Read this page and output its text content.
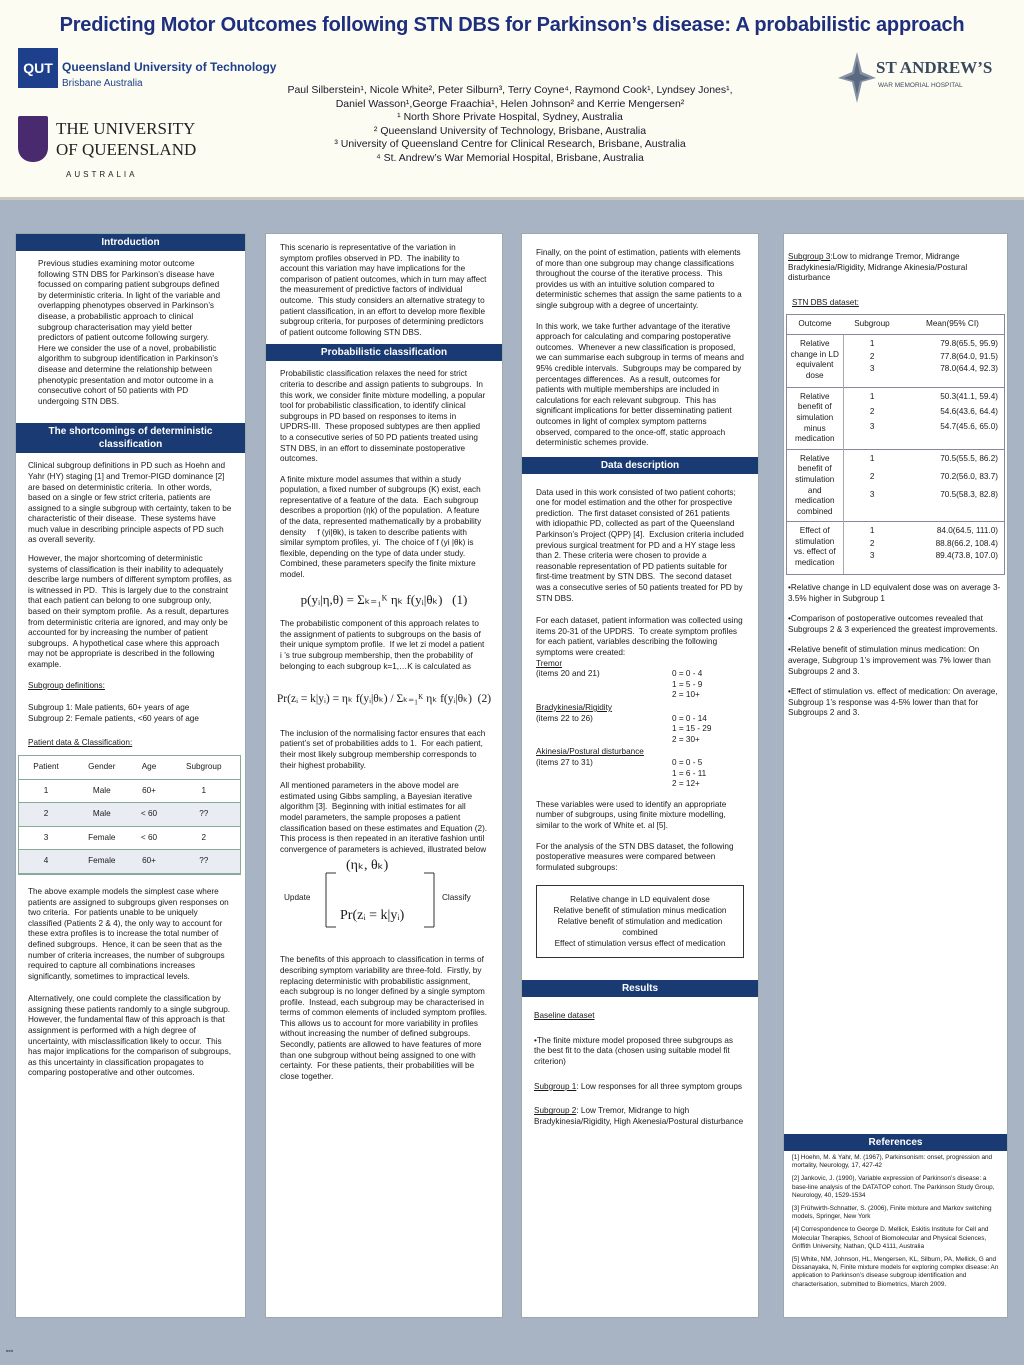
Predicting Motor Outcomes following STN DBS for Parkinson’s disease: A probabilistic approach
QUT Queensland University of Technology
Brisbane Australia
THE UNIVERSITY
OF QUEENSLAND
AUSTRALIA
Paul Silberstein¹, Nicole White², Peter Silburn³, Terry Coyne⁴, Raymond Cook¹, Lyndsey Jones¹,
Daniel Wasson¹,George Fraachia¹, Helen Johnson² and Kerrie Mengersen²
¹ North Shore Private Hospital, Sydney, Australia
² Queensland University of Technology, Brisbane, Australia
³ University of Queensland Centre for Clinical Research, Brisbane, Australia
⁴ St. Andrew’s War Memorial Hospital, Brisbane, Australia
ST ANDREW’S
WAR MEMORIAL HOSPITAL
Introduction
Previous studies examining motor outcome following STN DBS for Parkinson’s disease have focussed on comparing patient subgroups defined by deterministic criteria. In light of the variable and overlapping phenotypes observed in Parkinson’s disease, a probabilistic approach to clinical subgroup characterisation may yield better predictors of patient outcome following surgery. Here we consider the use of a novel, probabilistic algorithm to subgroup identification in Parkinson’s disease and determine the relationship between phenotypic presentation and motor outcome in a consecutive cohort of 50 patients with PD undergoing STN DBS.
The shortcomings of deterministic classification
Clinical subgroup definitions in PD such as Hoehn and Yahr (HY) staging [1] and Tremor-PIGD dominance [2] are based on deterministic criteria.  In other words, based on a single or few strict criteria, patients are assigned to a single subgroup with certainty, taken to be characteristic of their disease.  These systems have much value in describing principle aspects of PD such as overall severity.
However, the major shortcoming of deterministic systems of classification is their inability to adequately describe large numbers of different symptom profiles, as is witnessed in PD.  This is largely due to the constraint that each patient can belong to one subgroup only, based on their symptom profile.  As a result, departures from deterministic criteria are ignored, and may only be accounted for by increasing the number of patient subgroups.  A hypothetical case where this approach may not be appropriate is described in the following example.
Subgroup definitions:
Subgroup 1: Male patients, 60+ years of age
Subgroup 2: Female patients, <60 years of age
Patient data & Classification:
Patient	Gender	Age	Subgroup
1	Male	60+	1
2	Male	< 60	??
3	Female	< 60	2
4	Female	60+	??
The above example models the simplest case where patients are assigned to subgroups given responses on two criteria.  For patients unable to be uniquely classified (Patients 2 & 4), the only way to account for these extra profiles is to increase the total number of defined subgroups.  Hence, it can be seen that as the number of criteria increases, the number of subgroups required to capture all combinations increases significantly, sometimes to impractical levels.
Alternatively, one could complete the classification by assigning these patients randomly to a single subgroup.  However, the fundamental flaw of this approach is that assignment is performed with a high degree of uncertainty, with misclassification likely to occur.  This has major implications for the comparison of subgroups, as this uncertainty in classification propagates to comparing postoperative and other outcomes.
This scenario is representative of the variation in symptom profiles observed in PD.  The inability to account this variation may have implications for the comparison of patient outcomes, which in turn may affect the measurement of predictive factors of individual outcome.  This study considers an alternative strategy to patient classification, in an effort to develop more flexible subgroup criteria, for purposes of determining predictors of patient outcome following STN DBS.
Probabilistic classification
Probabilistic classification relaxes the need for strict criteria to describe and assign patients to subgroups.  In this work, we consider finite mixture modelling, a popular tool for probabilistic classification, to identify clinical subgroups in PD based on responses to items in UPDRS-III.  These proposed subtypes are then applied to a consecutive series of 50 PD patients treated using STN DBS, in an effort to disseminate postoperative outcomes.
A finite mixture model assumes that within a study population, a fixed number of subgroups (K) exist, each representative of a feature of the data.  Each subgroup describes a proportion (ηk) of the population.  A feature of the data, represented mathematically by a probability density     f (yi|θk), is taken to describe patients with similar symptom profiles, yi.  The choice of f (yi |θk) is flexible, depending on the type of data under study.  Combined, these parameters specify the finite mixture model.
p(yᵢ|η,θ) = Σₖ₌₁ᴷ ηₖ f(yᵢ|θₖ) (1)
The probabilistic component of this approach relates to the assignment of patients to subgroups on the basis of their unique symptom profile.  If we let zi model a patient i ’s true subgroup membership, then the probability of belonging to each subgroup k=1,…K is calculated as
Pr(zᵢ = k|yᵢ) = ηₖ f(yᵢ|θₖ) / Σₖ₌₁ᴷ ηₖ f(yᵢ|θₖ) (2)
The inclusion of the normalising factor ensures that each patient’s set of probabilities adds to 1.  For each patient, their most likely subgroup membership corresponds to their highest probability.
All mentioned parameters in the above model are estimated using Gibbs sampling, a Bayesian iterative algorithm [3].  Beginning with initial estimates for all model parameters, the sample proposes a patient classification based on these estimates and Equation (2).  This process is then repeated in an iterative fashion until convergence of parameters is achieved, illustrated below
(ηₖ, θₖ)
Pr(zᵢ = k|yᵢ)
Update	Classify
The benefits of this approach to classification in terms of describing symptom variability are three-fold.  Firstly, by replacing deterministic with probabilistic assignment, each subgroup is no longer defined by a single symptom profile.  Instead, each subgroup may be characterised in terms of common elements of included symptom profiles.  This allows us to account for more variability in profiles without increasing the number of defined subgroups.  Secondly, patients are allowed to have features of more than one subgroup without being assigned to one with certainty.  For these patients, their probabilities will be close together.
Finally, on the point of estimation, patients with elements of more than one subgroup may change classifications throughout the course of the iterative process.  This provides us with an intuitive solution compared to deterministic schemes that assign the same patients to a single subgroup with a degree of uncertainty.
In this work, we take further advantage of the iterative approach for calculating and comparing postoperative outcomes.  Whenever a new classification is proposed, we can summarise each subgroup in terms of means and 95% credible intervals.  Subgroups may be compared by percentages differences.  As a result, outcomes for patients with multiple memberships are included in calculations for each relevant subgroup.  This has significant implications for better disseminating patient outcomes in light of complex symptom patterns observed, compared to the once-off, static approach deterministic schemes provide.
Data description
Data used in this work consisted of two patient cohorts; one for model estimation and the other for prospective prediction.  The first dataset consisted of 261 patients with idiopathic PD, collected as part of the Queensland Parkinson’s Project (QPP) [4].  Exclusion criteria included previous surgical treatment for PD and a HY stage less than 2. These criteria were chosen to provide a reasonable representation of PD patients suitable for first-time treatment by STN DBS.  The second dataset was a consecutive series of 50 patients treated for PD by STN DBS.
For each dataset, patient information was collected using items 20-31 of the UPDRS.  To create symptom profiles for each patient, variables describing the following symptoms were created:
Tremor
(items 20 and 21)	0 = 0 - 4
1 = 5 - 9
2 = 10+
Bradykinesia/Rigidity
(items 22 to 26)	0 = 0 - 14
1 = 15 - 29
2 = 30+
Akinesia/Postural disturbance
(items 27 to 31)	0 = 0 - 5
1 = 6 - 11
2 = 12+
These variables were used to identify an appropriate number of subgroups, using finite mixture modelling, similar to the work of White et. al [5].
For the analysis of the STN DBS dataset, the following postoperative measures were compared between formulated subgroups:
Relative change in LD equivalent dose
Relative benefit of stimulation minus medication
Relative benefit of stimulation and medication combined
Effect of stimulation versus effect of medication
Results
Baseline dataset
•The finite mixture model proposed three subgroups as the best fit to the data (chosen using suitable model fit criterion)
Subgroup 1: Low responses for all three symptom groups
Subgroup 2: Low Tremor, Midrange to high Bradykinesia/Rigidity, High Akenesia/Postural disturbance
Subgroup 3:Low to midrange Tremor, Midrange Bradykinesia/Rigidity, Midrange Akinesia/Postural disturbance
STN DBS dataset:
Outcome	Subgroup	Mean(95% CI)
Relative change in LD equivalent dose	1	79.8(65.5, 95.9)
	2	77.8(64.0, 91.5)
	3	78.0(64.4, 92.3)
Relative benefit of simulation minus medication	1	50.3(41.1, 59.4)
	2	54.6(43.6, 64.4)
	3	54.7(45.6, 65.0)
Relative benefit of stimulation and medication combined	1	70.5(55.5, 86.2)
	2	70.2(56.0, 83.7)
	3	70.5(58.3, 82.8)
Effect of stimulation vs. effect of medication	1	84.0(64.5, 111.0)
	2	88.8(66.2, 108.4)
	3	89.4(73.8, 107.0)
•Relative change in LD equivalent dose was on average 3-3.5% higher in Subgroup 1
•Comparison of postoperative outcomes revealed that Subgroups 2 & 3 experienced the greatest improvements.
•Relative benefit of stimulation minus medication: On average, Subgroup 1’s improvement was 7% lower than Subgroups 2 and 3.
•Effect of stimulation vs. effect of medication: On average, Subgroup 1’s response was 4-5% lower than that for Subgroups 2 and 3.
References

[1] Hoehn, M. & Yahr, M. (1967), Parkinsonism: onset, progression and mortality, Neurology, 17, 427-42

[2] Jankovic, J. (1990), Variable expression of Parkinson’s disease: a base-line analysis of the DATATOP cohort. The Parkinson Study Group, Neurology, 40, 1529-1534

[3] Frühwirth-Schnatter, S. (2006), Finite mixture and Markov switching models, Springer, New York

[4] Correspondence to George D. Mellick, Eskitis Institute for Cell and Molecular Therapies, School of Biomolecular and Physical Sciences, Griffith University, Nathan, QLD 4111, Australia

[5] White, NM, Johnson, HL, Mengersen, KL, Silburn, PA, Mellick, G and Dissanayaka, N, Finite mixture models for exploring complex disease: An application to Parkinson’s disease subgroup identification and characterisation, submitted to Biometrics, March 2009.

■■■
